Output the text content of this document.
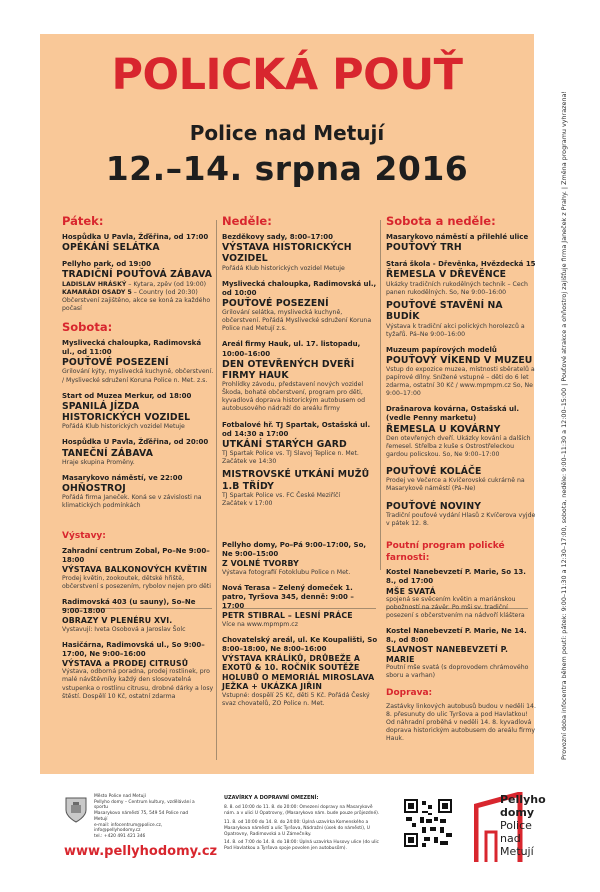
POLICKÁ POUŤ
Police nad Metují
12.–14. srpna 2016
Pátek:
Hospůdka U Pavla, Žďěřina, od 17:00
OPÉKÁNÍ SELÁTKA
Pellyho park, od 19:00
TRADIČNÍ POUŤOVÁ ZÁBAVA
LADISLAV HRÁSKÝ – Kytara, zpěv (od 19:00)
KAMARÁDI OSADY 5 – Country (od 20:30)
Občerstvení zajištěno, akce se koná za každého počasí
Sobota:
Myslivecká chaloupka, Radimovská ul., od 11:00
POUŤOVÉ POSEZENÍ
Grilování kýty, myslivecká kuchyně, občerstvení. / Myslivecké sdružení Koruna Police n. Met. z.s.
Start od Muzea Merkur, od 18:00
SPANILÁ JÍZDA HISTORICKÝCH VOZIDEL
Pořádá Klub historických vozidel Metuje
Hospůdka U Pavla, Žďěřina, od 20:00
TANEČNÍ ZÁBAVA
Hraje skupina Proměny.
Masarykovo náměstí, ve 22:00
OHŇOSTROJ
Pořádá firma Janeček. Koná se v závislosti na klimatických podmínkách
Výstavy:
Zahradní centrum Zobal, Po–Ne 9:00–18:00
VÝSTAVA BALKONOVÝCH KVĚTIN
Prodej květin, zookoutek, dětské hřiště, občerstvení s posezením, rybolov nejen pro děti
Radimovská 403 (u sauny), So–Ne 9:00–18:00
OBRAZY V PLENÉRU XVI.
Vystavují: Iveta Osobová a Jaroslav Šolc
Hasičárna, Radimovská ul., So 9:00–17:00, Ne 9:00–16:00
VÝSTAVA a PRODEJ CITRUSŮ
Výstava, odborná poradna, prodej rostlinek, pro malé návštěvníky každý den slosovatelná vstupenka o rostlinu citrusu, drobné dárky a losy štěstí. Dospělí 10 Kč, ostatní zdarma
Neděle:
Bezděkovy sady, 8:00–17:00
VÝSTAVA HISTORICKÝCH VOZIDEL
Pořádá Klub historických vozidel Metuje
Myslivecká chaloupka, Radimovská ul., od 10:00
POUŤOVÉ POSEZENÍ
Grilování selátka, myslivecká kuchyně, občerstvení. Pořádá Myslivecké sdružení Koruna Police nad Metují z.s.
Areál firmy Hauk, ul. 17. listopadu, 10:00–16:00
DEN OTEVŘENÝCH DVEŘÍ FIRMY HAUK
Prohlídky závodu, představení nových vozidel Škoda, bohaté občerstvení, program pro děti, kyvadlová doprava historickým autobusem od autobusového nádraží do areálu firmy
Fotbalové hř. TJ Spartak, Ostašská ul. od 14:30 a 17:00
UTKÁNÍ STARÝCH GARD
TJ Spartak Police vs. TJ Slavoj Teplice n. Met.
Začátek ve 14:30
MISTROVSKÉ UTKÁNÍ MUŽŮ 1.B TŘÍDY
TJ Spartak Police vs. FC České Meziříčí
Začátek v 17:00
Pellyho domy, Po–Pá 9:00–17:00, So, Ne 9:00–15:00
Z VOLNÉ TVORBY
Výstava fotografií Fotoklubu Police n Met.
Nová Terasa – Zelený domeček 1. patro, Tyršova 345, denně: 9:00 – 17:00
PETR STIBRAL – LESNÍ PRÁCE
Více na www.mpmpm.cz
Chovatelský areál, ul. Ke Koupališti, So 8:00–18:00, Ne 8:00–16:00
VÝSTAVA KRÁLÍKŮ, DRŮBEŽE A EXOTŮ & 10. ROČNÍK SOUTĚŽE HOLUBŮ O MEMORIÁL MIROSLAVA JEŽKA + UKÁZKA JIŘIN
Vstupné: dospělí 25 Kč, děti 5 Kč. Pořádá Český svaz chovatelů, ZO Police n. Met.
Sobota a neděle:
Masarykovo náměstí a přilehlé ulice
POUŤOVÝ TRH
Stará škola - Dřevěnka, Hvězdecká 15
ŘEMESLA V DŘEVĚNCE
Ukázky tradičních rukodělných technik – Cech panen rukodělných. So, Ne 9:00–16:00
POUŤOVÉ STAVĚNÍ NA BUDÍK
Výstava k tradiční akci polických horolezců a tyžařů. Pá–Ne 9:00–16:00
Muzeum papírových modelů
POUŤOVÝ VÍKEND V MUZEU
Vstup do expozice muzea, místnosti sběratelů a papírové dílny. Snížené vstupné – děti do 6 let zdarma, ostatní 30 Kč / www.mpmpm.cz So, Ne 9:00–17:00
Drašnarova kovárna, Ostašská ul. (vedle Penny marketu)
ŘEMESLA U KOVÁRNY
Den otevřených dveří. Ukázky kování a dalších řemesel. Střelba z kuše s Ostrostřeleckou gardou policskou. So, Ne 9:00–17:00
POUŤOVÉ KOLÁČE
Prodej ve Večerce a Kvíčerovské cukrárně na Masarykově náměstí (Pá–Ne)
POUŤOVÉ NOVINY
Tradiční pouťové vydání Hlasů z Kvíčerova vyjde v pátek 12. 8.
Poutní program polické farnosti:
Kostel Nanebevzetí P. Marie, So 13. 8., od 17:00
MŠE SVATÁ
spojená se svěcením květin a mariánskou pobožností na závěr. Po mši sv. tradiční posezení s občerstvením na nádvoří kláštera
Kostel Nanebevzetí P. Marie, Ne 14. 8., od 8:00
SLAVNOST NANEBEVZETÍ P. MARIE
Poutní mše svatá (s doprovodem chrámového sboru a varhan)
Doprava:
Zastávky linkových autobusů budou v neděli 14. 8. přesunuty do ulic Tyršova a pod Havlatkou! Od náhradní proběhá v neděli 14. 8. kyvadlová doprava historickým autobusem do areálu firmy Hauk.	Provozní doba infocentra během poutí: pátek: 9:00–11:30 a 12:30–17:00, sobota, neděle: 9:00–11:30 a 12:00–15:00 | Pouťové atrakce a ohňostroj zajišťuje firma Janeček z Prahy. | Změna programu vyhrazena!
Město Police nad Metují
Pellyho domy – Centrum kultury, vzdělávání a sportu
Masarykovo náměstí 75, 549 54 Police nad Metují
e-mail: infocentrum@police.cz, info@pellyhodomy.cz
tel.: +420 491 421 346
www.pellyhodomy.cz
UZAVÍRKY A DOPRAVNÍ OMEZENÍ:
8. 8. od 10:00 do 11. 8. do 20:00: Omezení dopravy na Masarykově nám. a v ulici U Opatrovny, (Masarykovo nám. bude pouze průjezdné).
11. 8. od 10:00 do 14. 8. do 24:00: Úplná uzavírka Komenského a Masarykova náměstí a ulic Tyršova, Nádražní (úsek do náměstí), U Opatrovny, Radimovská a U Zámečníky.
14. 8. od 7:00 do 14. 8. do 18:00: Úplná uzavírka Husovy ulice (do ulic Pod Havlatkou a Tyršova spoje povolen jen autobusům).
Pellyho
domy
Police
nad
Metují
